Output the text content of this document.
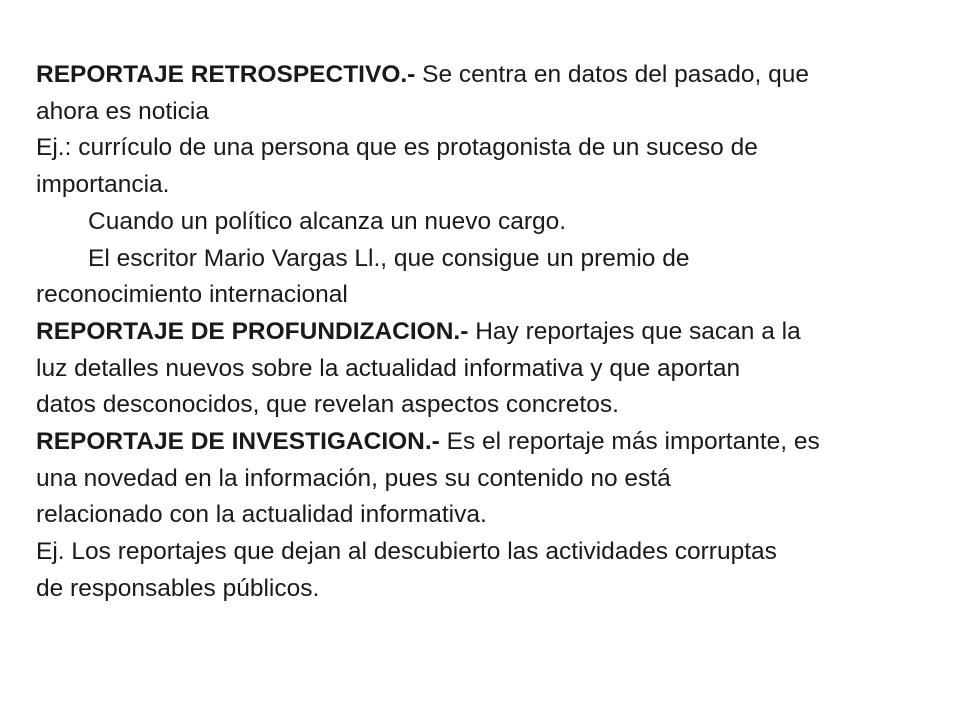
REPORTAJE RETROSPECTIVO.- Se centra en datos del pasado, que
ahora es noticia
Ej.: currículo de una persona que es protagonista de un suceso de
importancia.
Cuando un político alcanza un nuevo cargo.
El escritor Mario Vargas Ll., que consigue un premio de
reconocimiento internacional
REPORTAJE DE PROFUNDIZACION.- Hay reportajes que sacan a la
luz detalles nuevos sobre la actualidad informativa y que aportan
datos desconocidos, que revelan aspectos concretos.
REPORTAJE DE INVESTIGACION.- Es el reportaje más importante, es
una novedad en la información, pues su contenido no está
relacionado con la actualidad informativa.
Ej. Los reportajes que dejan al descubierto las actividades corruptas
de responsables públicos.
